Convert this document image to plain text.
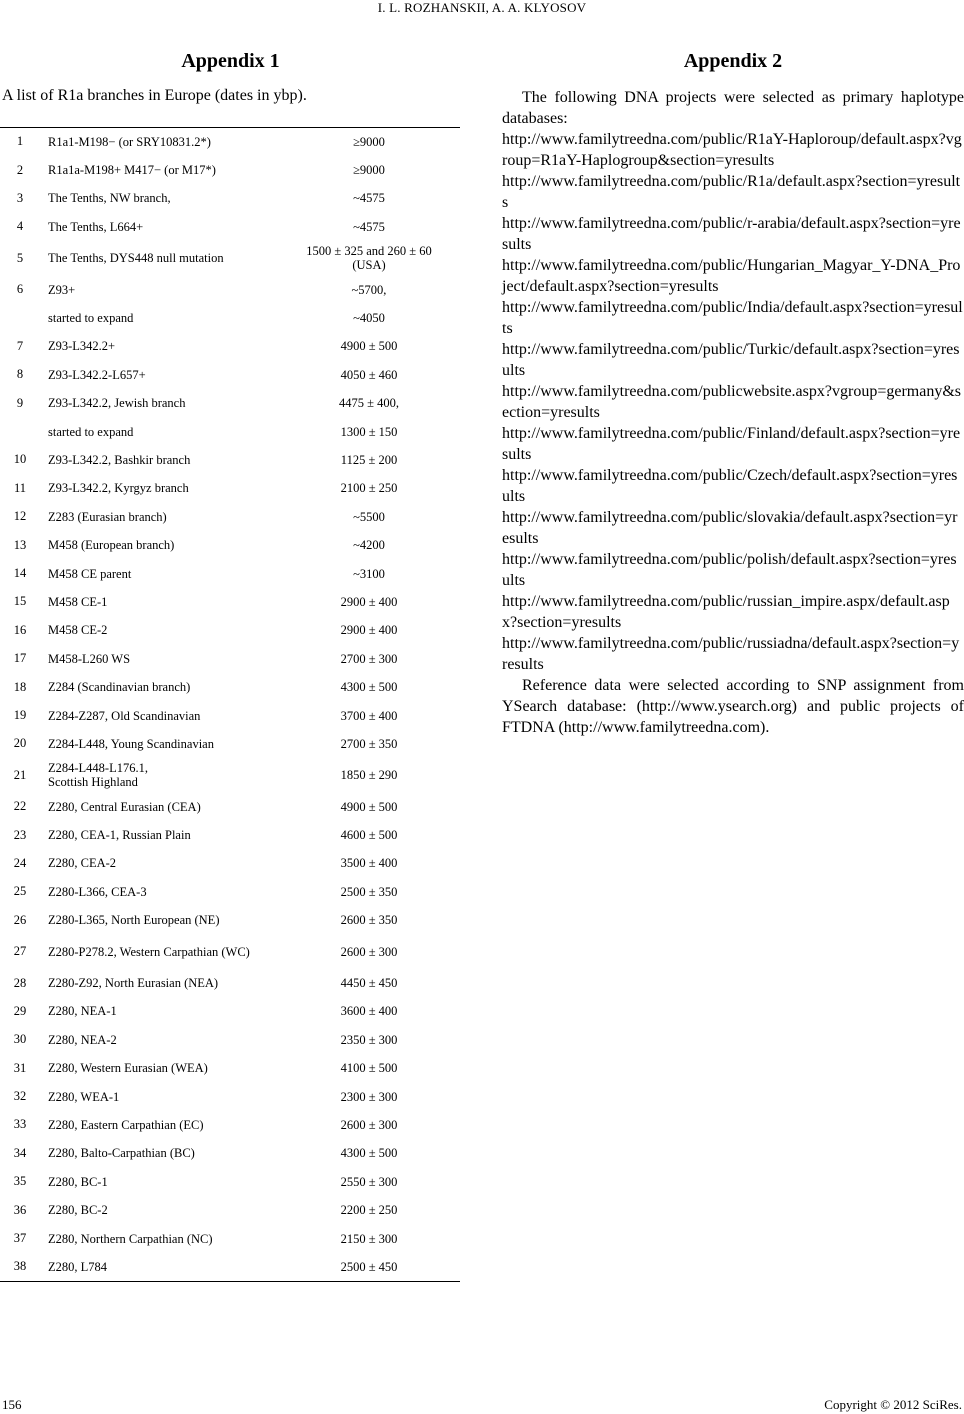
I. L. ROZHANSKII, A. A. KLYOSOV
Appendix 1
A list of R1a branches in Europe (dates in ybp).
1	R1a1-M198− (or SRY10831.2*)	≥9000
2	R1a1a-M198+ M417− (or M17*)	≥9000
3	The Tenths, NW branch,	~4575
4	The Tenths, L664+	~4575
5	The Tenths, DYS448 null mutation	1500 ± 325 and 260 ± 60 (USA)
6	Z93+	~5700,
	started to expand	~4050
7	Z93-L342.2+	4900 ± 500
8	Z93-L342.2-L657+	4050 ± 460
9	Z93-L342.2, Jewish branch	4475 ± 400,
	started to expand	1300 ± 150
10	Z93-L342.2, Bashkir branch	1125 ± 200
11	Z93-L342.2, Kyrgyz branch	2100 ± 250
12	Z283 (Eurasian branch)	~5500
13	M458 (European branch)	~4200
14	M458 CE parent	~3100
15	M458 CE-1	2900 ± 400
16	M458 CE-2	2900 ± 400
17	M458-L260 WS	2700 ± 300
18	Z284 (Scandinavian branch)	4300 ± 500
19	Z284-Z287, Old Scandinavian	3700 ± 400
20	Z284-L448, Young Scandinavian	2700 ± 350
21	Z284-L448-L176.1,
Scottish Highland	1850 ± 290
22	Z280, Central Eurasian (CEA)	4900 ± 500
23	Z280, CEA-1, Russian Plain	4600 ± 500
24	Z280, CEA-2	3500 ± 400
25	Z280-L366, CEA-3	2500 ± 350
26	Z280-L365, North European (NE)	2600 ± 350
27	Z280-P278.2, Western Carpathian (WC)	2600 ± 300
28	Z280-Z92, North Eurasian (NEA)	4450 ± 450
29	Z280, NEA-1	3600 ± 400
30	Z280, NEA-2	2350 ± 300
31	Z280, Western Eurasian (WEA)	4100 ± 500
32	Z280, WEA-1	2300 ± 300
33	Z280, Eastern Carpathian (EC)	2600 ± 300
34	Z280, Balto-Carpathian (BC)	4300 ± 500
35	Z280, BC-1	2550 ± 300
36	Z280, BC-2	2200 ± 250
37	Z280, Northern Carpathian (NC)	2150 ± 300
38	Z280, L784	2500 ± 450
Appendix 2

The following DNA projects were selected as primary haplotype databases:

http://www.familytreedna.com/public/R1aY-Haploroup/default.aspx?vgroup=R1aY-Haplogroup&section=yresults

http://www.familytreedna.com/public/R1a/default.aspx?section=yresults

http://www.familytreedna.com/public/r-arabia/default.aspx?section=yresults

http://www.familytreedna.com/public/Hungarian_Magyar_Y-DNA_Project/default.aspx?section=yresults

http://www.familytreedna.com/public/India/default.aspx?section=yresults

http://www.familytreedna.com/public/Turkic/default.aspx?section=yresults

http://www.familytreedna.com/publicwebsite.aspx?vgroup=germany&section=yresults

http://www.familytreedna.com/public/Finland/default.aspx?section=yresults

http://www.familytreedna.com/public/Czech/default.aspx?section=yresults

http://www.familytreedna.com/public/slovakia/default.aspx?section=yresults

http://www.familytreedna.com/public/polish/default.aspx?section=yresults

http://www.familytreedna.com/public/russian_impire.aspx/default.aspx?section=yresults

http://www.familytreedna.com/public/russiadna/default.aspx?section=yresults

Reference data were selected according to SNP assignment from YSearch database: (http://www.ysearch.org) and public projects of FTDNA (http://www.familytreedna.com).

156	Copyright © 2012 SciRes.
